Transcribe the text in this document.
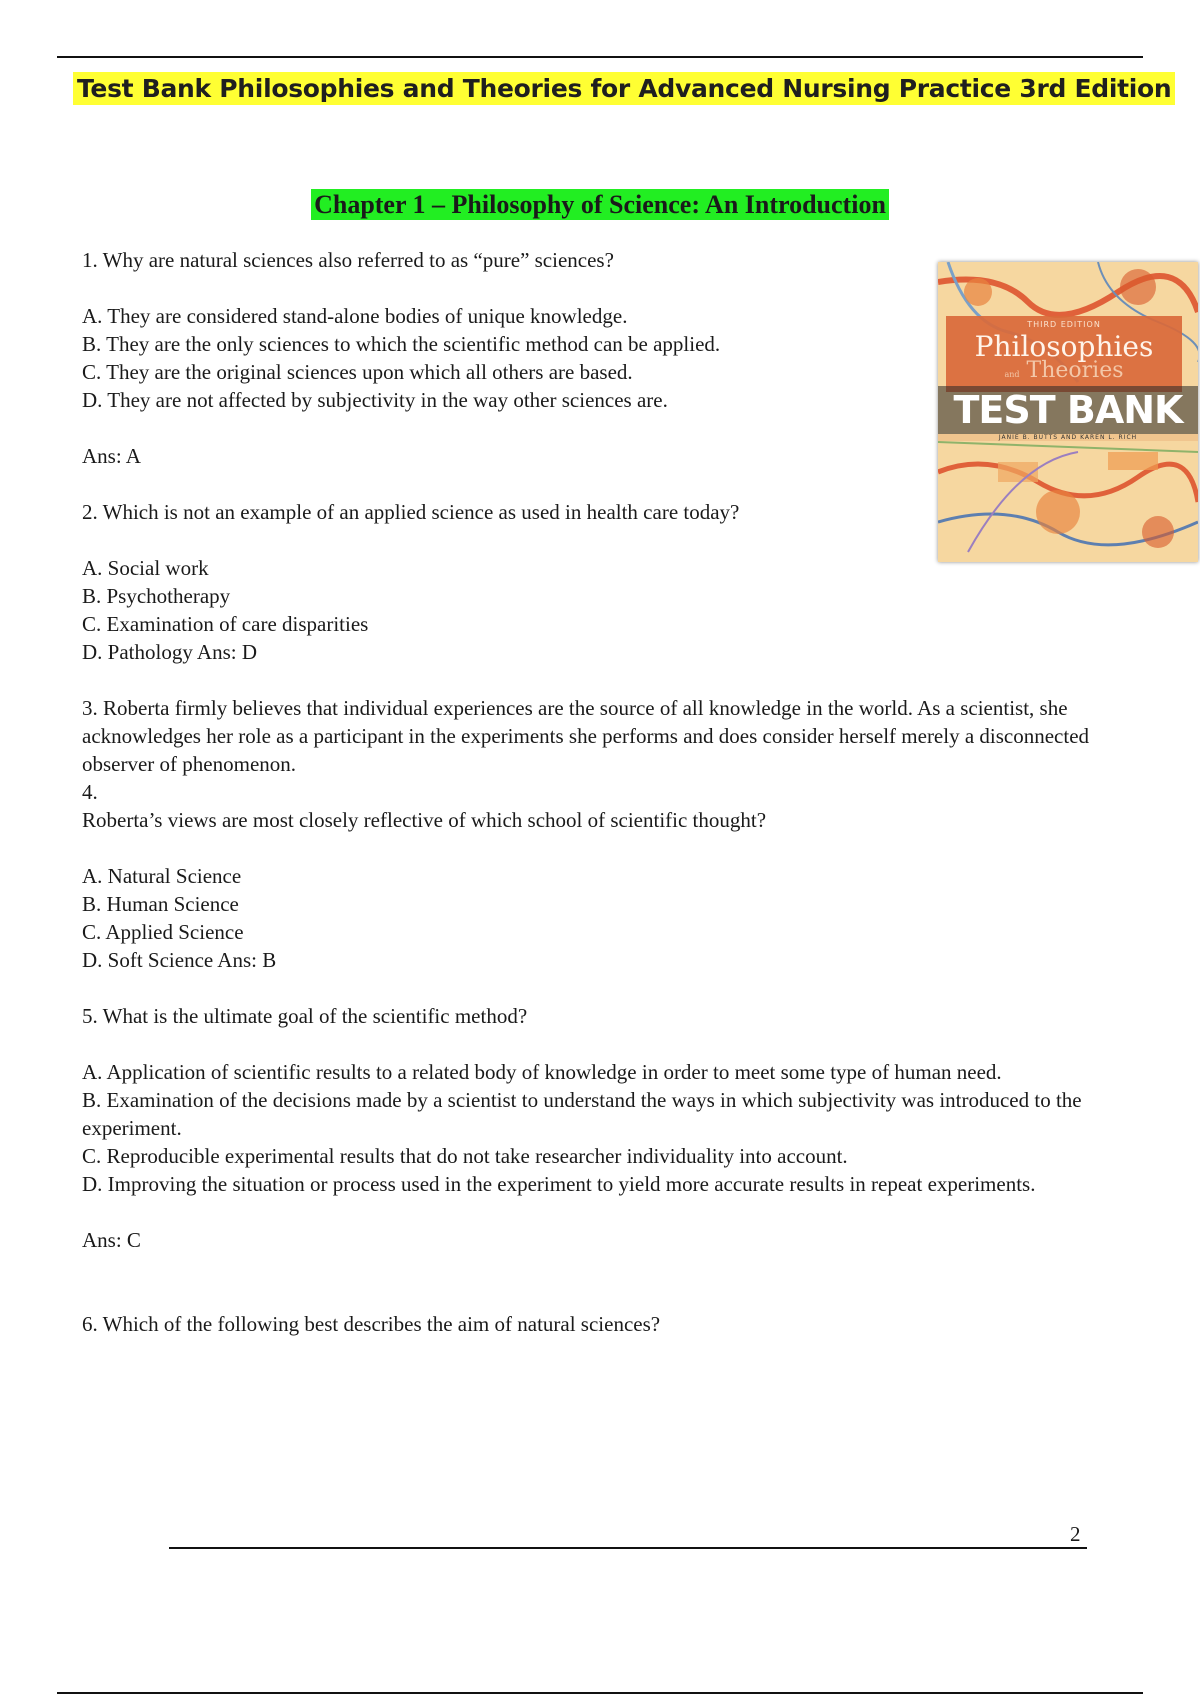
Test Bank Philosophies and Theories for Advanced Nursing Practice 3rd Edition
Chapter 1 – Philosophy of Science: An Introduction
THIRD EDITION
Philosophies
and Theories
TEST BANK
JANIE B. BUTTS AND KAREN L. RICH

1. Why are natural sciences also referred to as “pure” sciences?

A. They are considered stand-alone bodies of unique knowledge.

B. They are the only sciences to which the scientific method can be applied.

C. They are the original sciences upon which all others are based.

D. They are not affected by subjectivity in the way other sciences are.

Ans: A

2. Which is not an example of an applied science as used in health care today?

A. Social work

B. Psychotherapy

C. Examination of care disparities

D. Pathology Ans: D

3. Roberta firmly believes that individual experiences are the source of all knowledge in the world. As a scientist, she acknowledges her role as a participant in the experiments she performs and does consider herself merely a disconnected observer of phenomenon.

4.

Roberta’s views are most closely reflective of which school of scientific thought?

A. Natural Science

B. Human Science

C. Applied Science

D. Soft Science Ans: B

5. What is the ultimate goal of the scientific method?

A. Application of scientific results to a related body of knowledge in order to meet some type of human need.

B. Examination of the decisions made by a scientist to understand the ways in which subjectivity was introduced to the experiment.

C. Reproducible experimental results that do not take researcher individuality into account.

D. Improving the situation or process used in the experiment to yield more accurate results in repeat experiments.

Ans: C

6. Which of the following best describes the aim of natural sciences?

2
